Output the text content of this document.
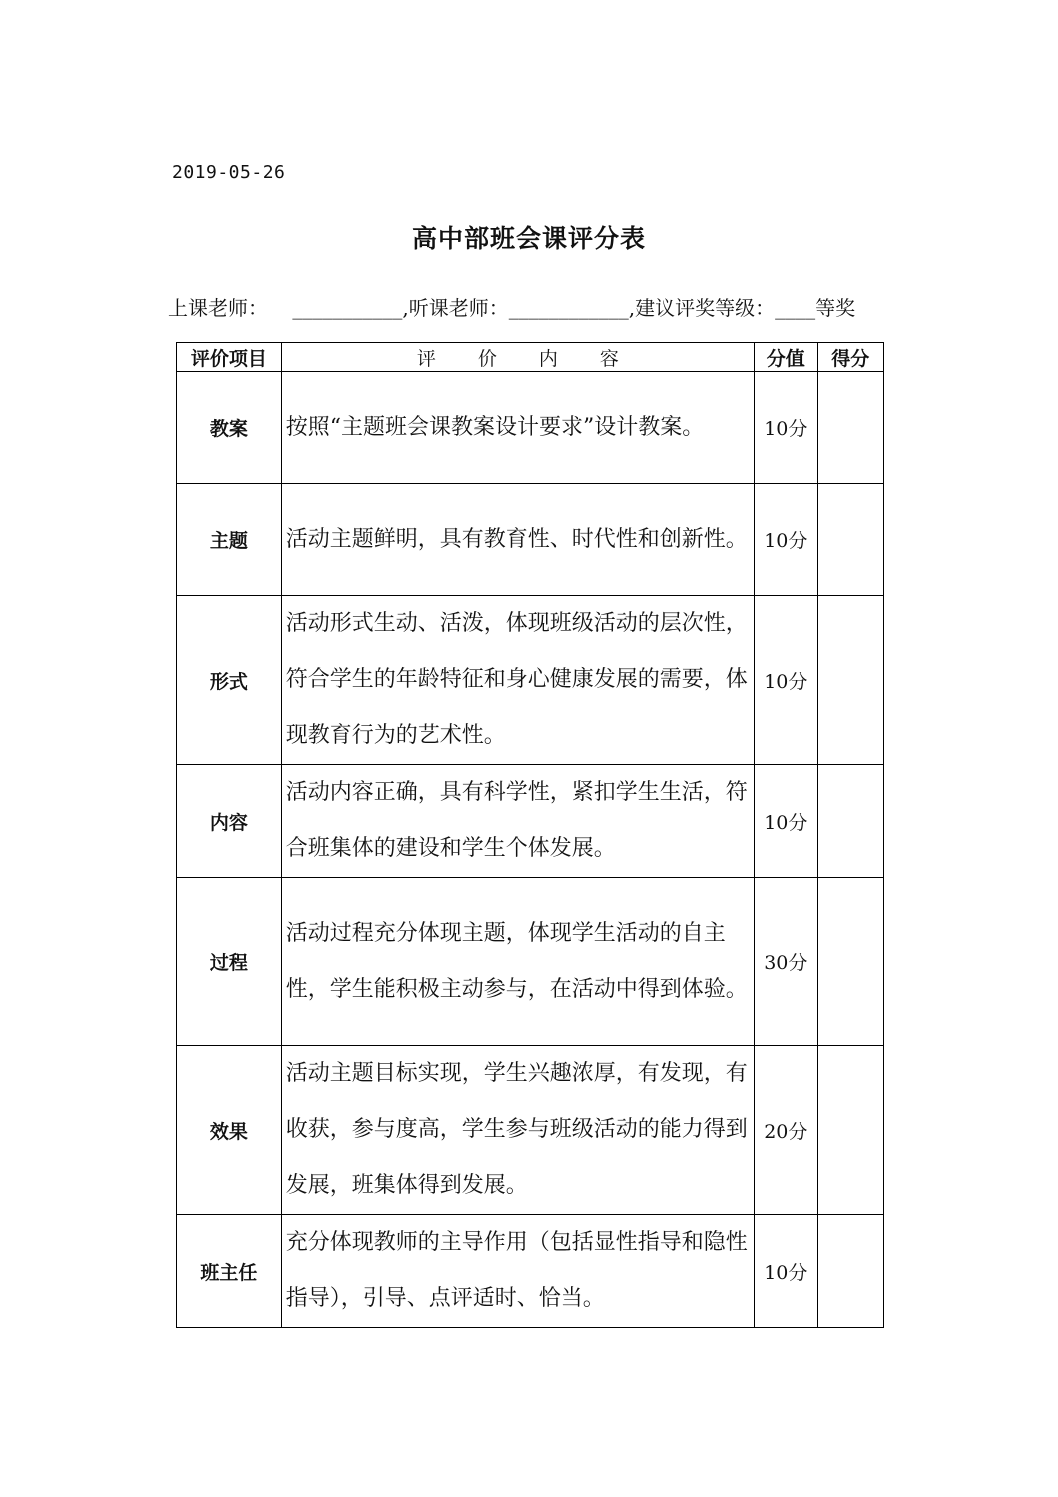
2019-05-26
高中部班会课评分表
上课老师： ___________,听课老师：____________,建议评奖等级：____等奖
评价项目	评价内容	分值	得分
教案	按照“主题班会课教案设计要求”设计教案。	10分	
主题	活动主题鲜明，具有教育性、时代性和创新性。	10分	
形式	活动形式生动、活泼，体现班级活动的层次性，符合学生的年龄特征和身心健康发展的需要，体现教育行为的艺术性。	10分	
内容	活动内容正确，具有科学性，紧扣学生生活，符合班集体的建设和学生个体发展。	10分	
过程	活动过程充分体现主题，体现学生活动的自主性，学生能积极主动参与，在活动中得到体验。	30分	
效果	活动主题目标实现，学生兴趣浓厚，有发现，有收获，参与度高，学生参与班级活动的能力得到发展，班集体得到发展。	20分	
班主任	充分体现教师的主导作用（包括显性指导和隐性指导），引导、点评适时、恰当。	10分	
